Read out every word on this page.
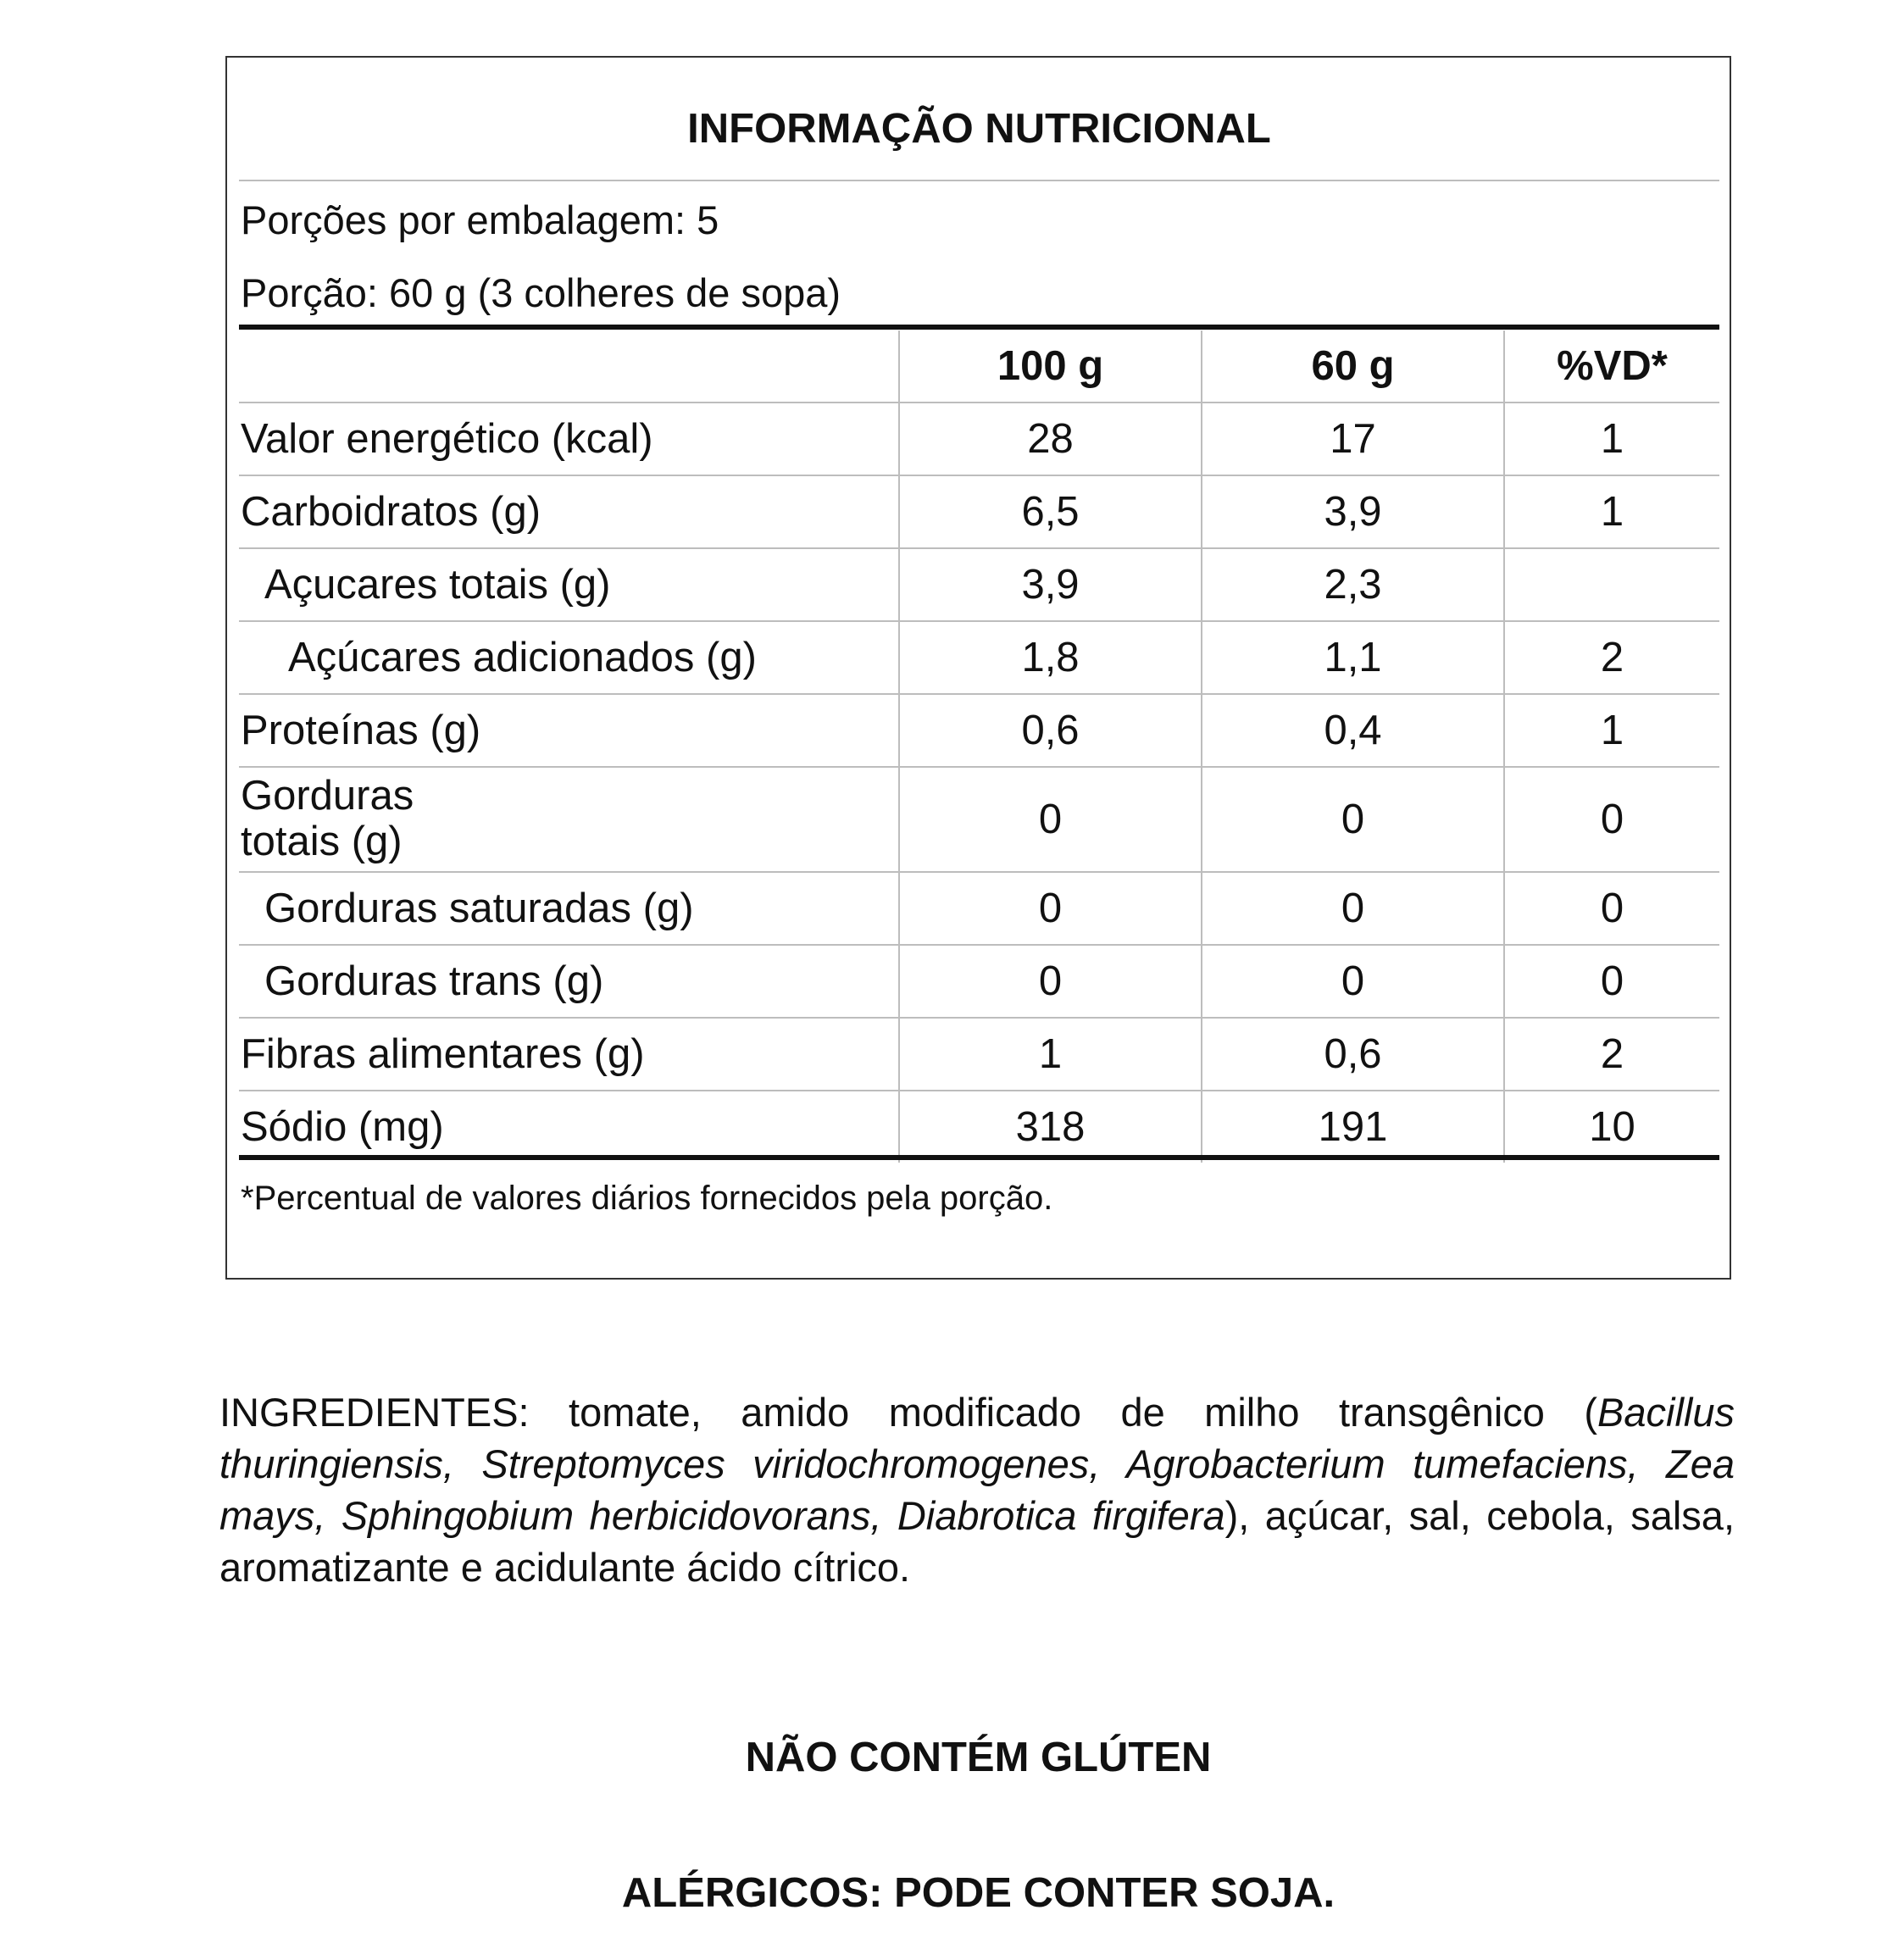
INFORMAÇÃO NUTRICIONAL
Porções por embalagem: 5
Porção: 60 g (3 colheres de sopa)
	100 g	60 g	%VD*
Valor energético (kcal)	28	17	1
Carboidratos (g)	6,5	3,9	1
Açucares totais (g)	3,9	2,3	
Açúcares adicionados (g)	1,8	1,1	2
Proteínas (g)	0,6	0,4	1
Gorduras totais (g)	0	0	0
Gorduras saturadas (g)	0	0	0
Gorduras trans (g)	0	0	0
Fibras alimentares (g)	1	0,6	2
Sódio (mg)	318	191	10
*Percentual de valores diários fornecidos pela porção.

INGREDIENTES: tomate, amido modificado de milho transgênico (Bacillus thuringiensis, Streptomyces viridochromogenes, Agrobacterium tumefaciens, Zea mays, Sphingobium herbicidovorans, Diabrotica firgifera), açúcar, sal, cebola, salsa, aromatizante e acidulante ácido cítrico.

NÃO CONTÉM GLÚTEN
ALÉRGICOS: PODE CONTER SOJA.
